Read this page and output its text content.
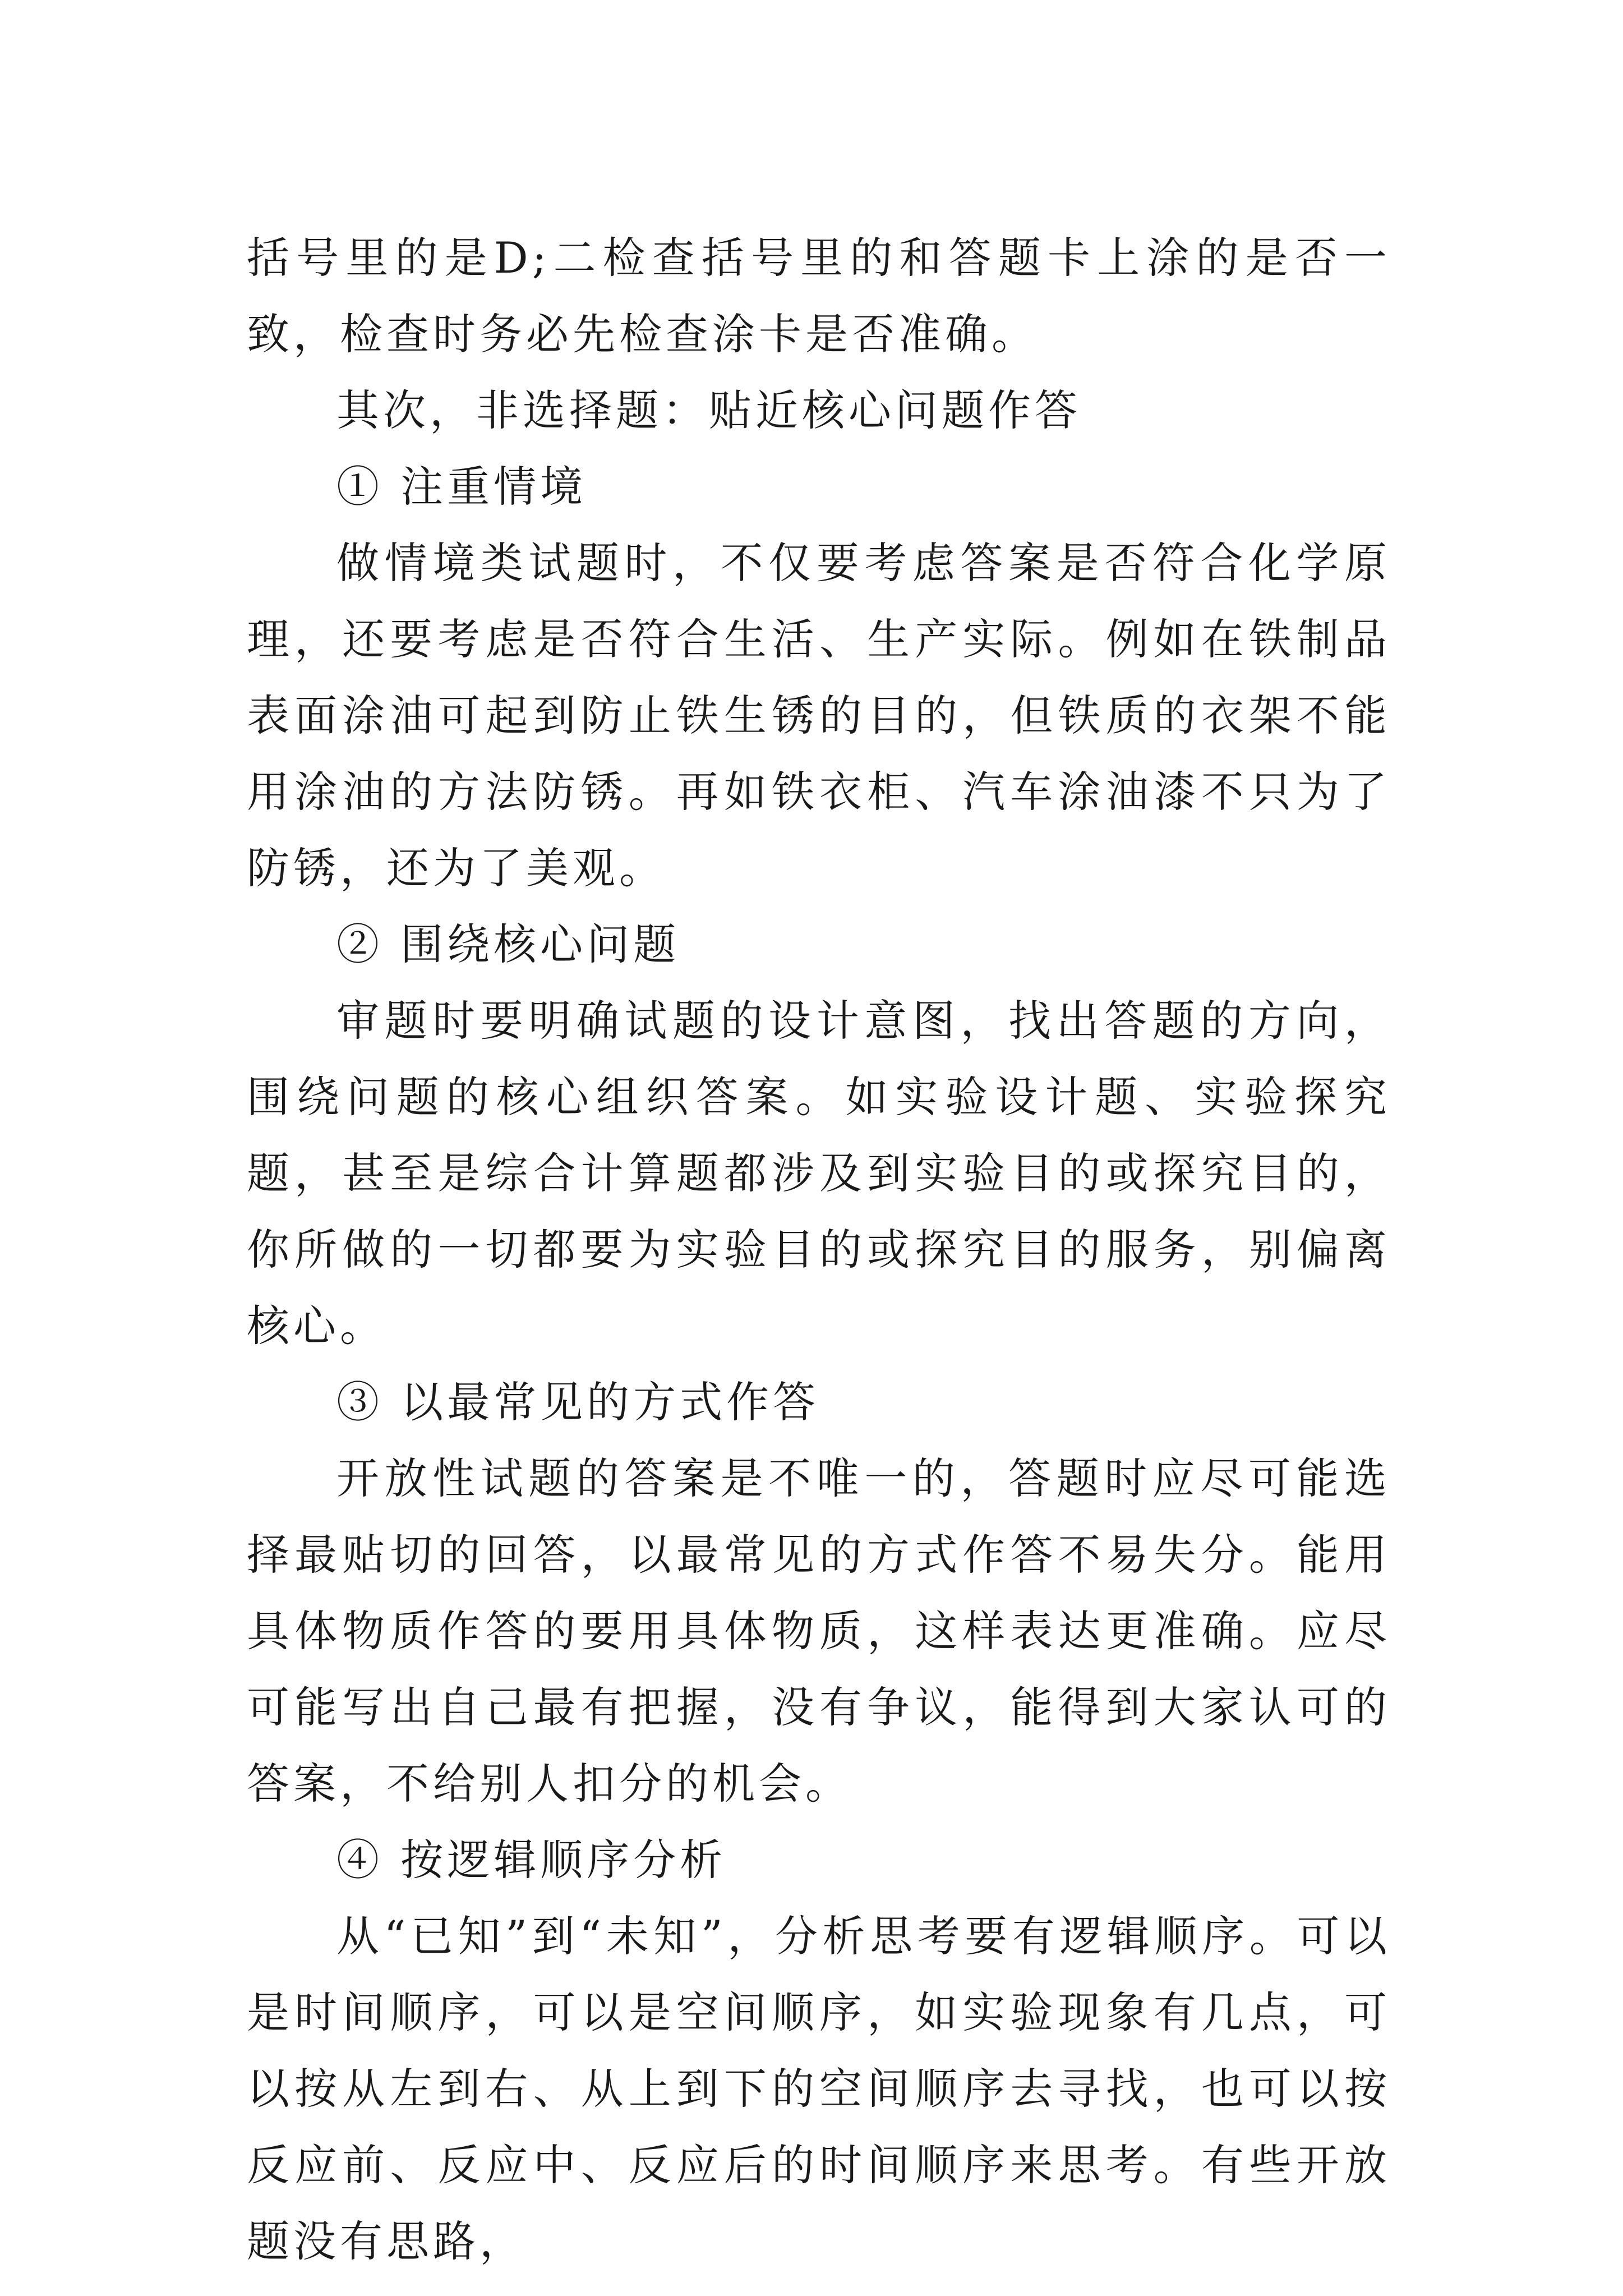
括号里的是D;二检查括号里的和答题卡上涂的是否一致，检查时务必先检查涂卡是否准确。

其次，非选择题：贴近核心问题作答

① 注重情境

做情境类试题时，不仅要考虑答案是否符合化学原理，还要考虑是否符合生活、生产实际。例如在铁制品表面涂油可起到防止铁生锈的目的，但铁质的衣架不能用涂油的方法防锈。再如铁衣柜、汽车涂油漆不只为了防锈，还为了美观。

② 围绕核心问题

审题时要明确试题的设计意图，找出答题的方向，围绕问题的核心组织答案。如实验设计题、实验探究题，甚至是综合计算题都涉及到实验目的或探究目的，你所做的一切都要为实验目的或探究目的服务，别偏离核心。

③ 以最常见的方式作答

开放性试题的答案是不唯一的，答题时应尽可能选择最贴切的回答，以最常见的方式作答不易失分。能用具体物质作答的要用具体物质，这样表达更准确。应尽可能写出自己最有把握，没有争议，能得到大家认可的答案，不给别人扣分的机会。

④ 按逻辑顺序分析

从“已知”到“未知”，分析思考要有逻辑顺序。可以是时间顺序，可以是空间顺序，如实验现象有几点，可以按从左到右、从上到下的空间顺序去寻找，也可以按反应前、反应中、反应后的时间顺序来思考。有些开放题没有思路，
